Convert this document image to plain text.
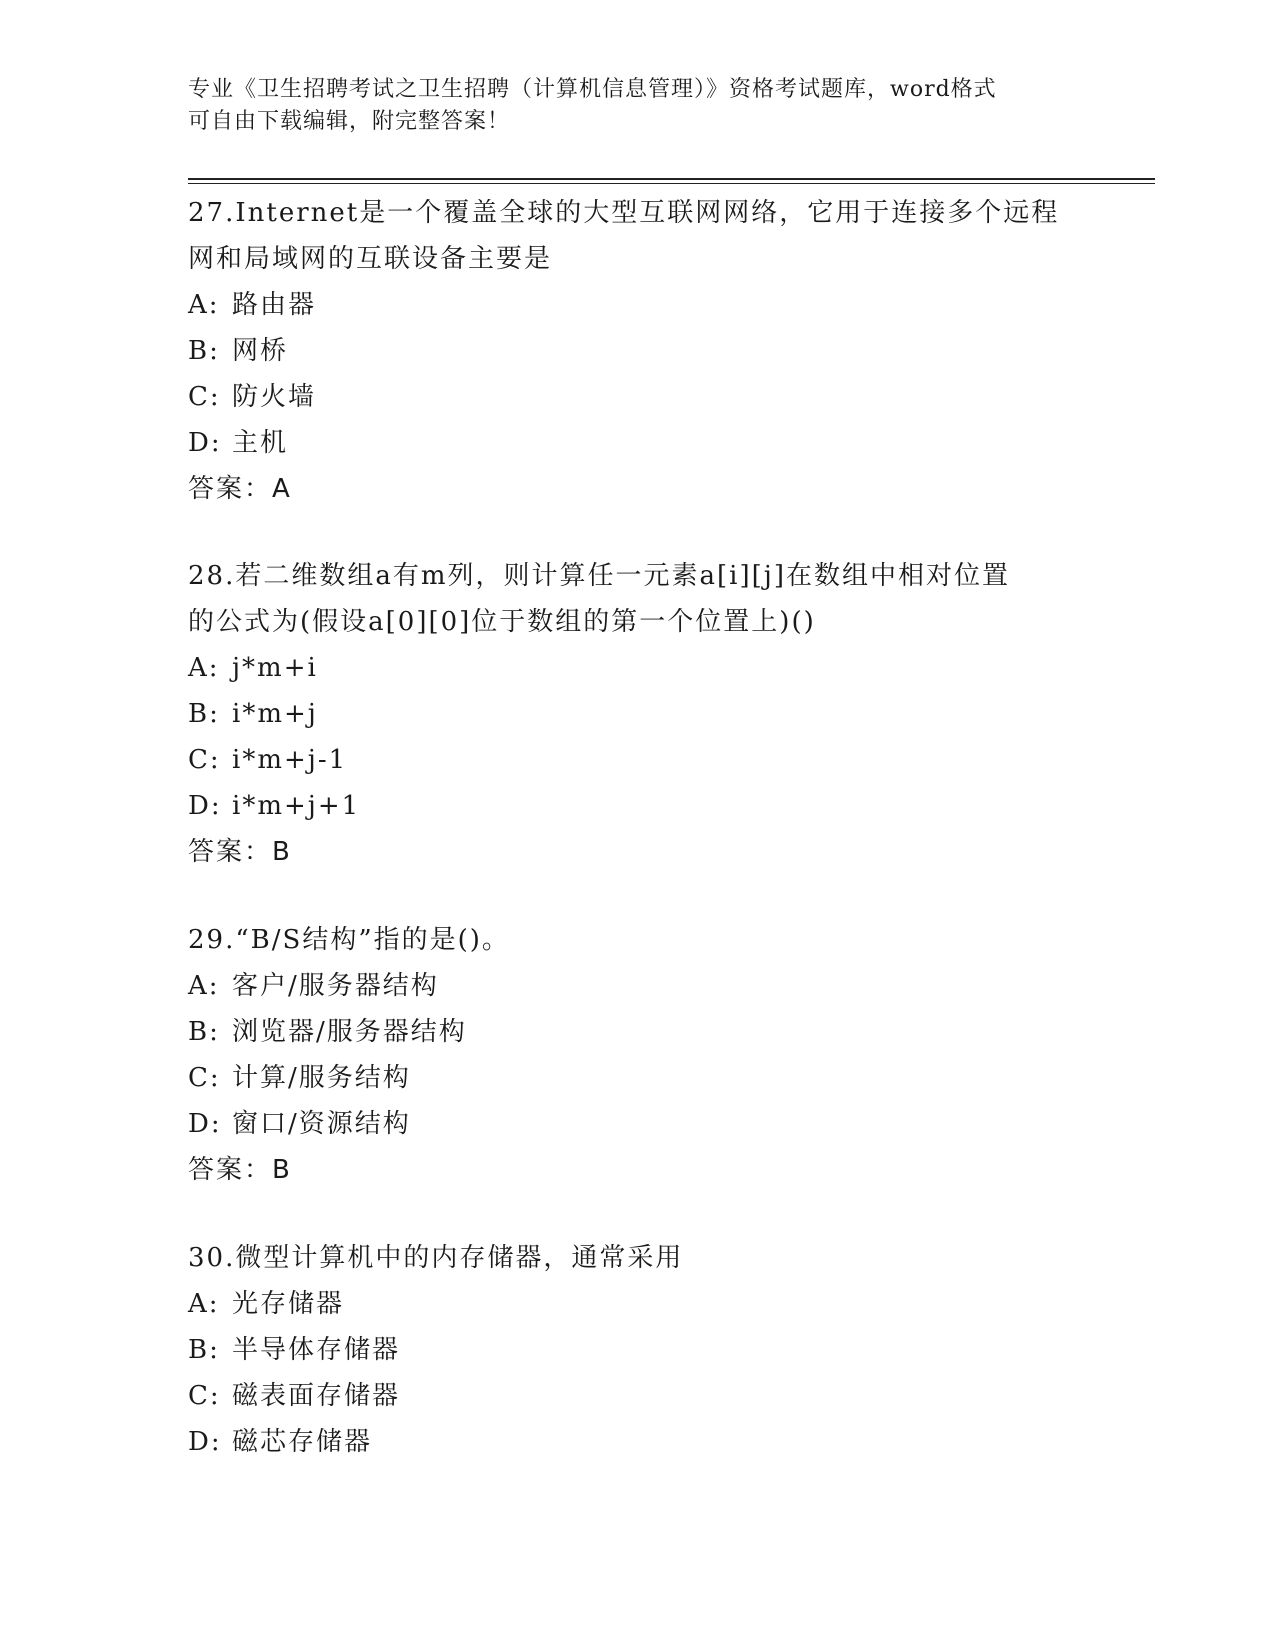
专业《卫生招聘考试之卫生招聘（计算机信息管理）》资格考试题库，word格式
可自由下载编辑，附完整答案！
27.Internet是一个覆盖全球的大型互联网网络，它用于连接多个远程
网和局域网的互联设备主要是
A: 路由器
B: 网桥
C: 防火墙
D: 主机
答案：A
28.若二维数组a有m列，则计算任一元素a[i][j]在数组中相对位置
的公式为(假设a[0][0]位于数组的第一个位置上)()
A: j*m+i
B: i*m+j
C: i*m+j-1
D: i*m+j+1
答案：B
29.“B/S结构”指的是()。
A: 客户/服务器结构
B: 浏览器/服务器结构
C: 计算/服务结构
D: 窗口/资源结构
答案：B
30.微型计算机中的内存储器，通常采用
A: 光存储器
B: 半导体存储器
C: 磁表面存储器
D: 磁芯存储器
